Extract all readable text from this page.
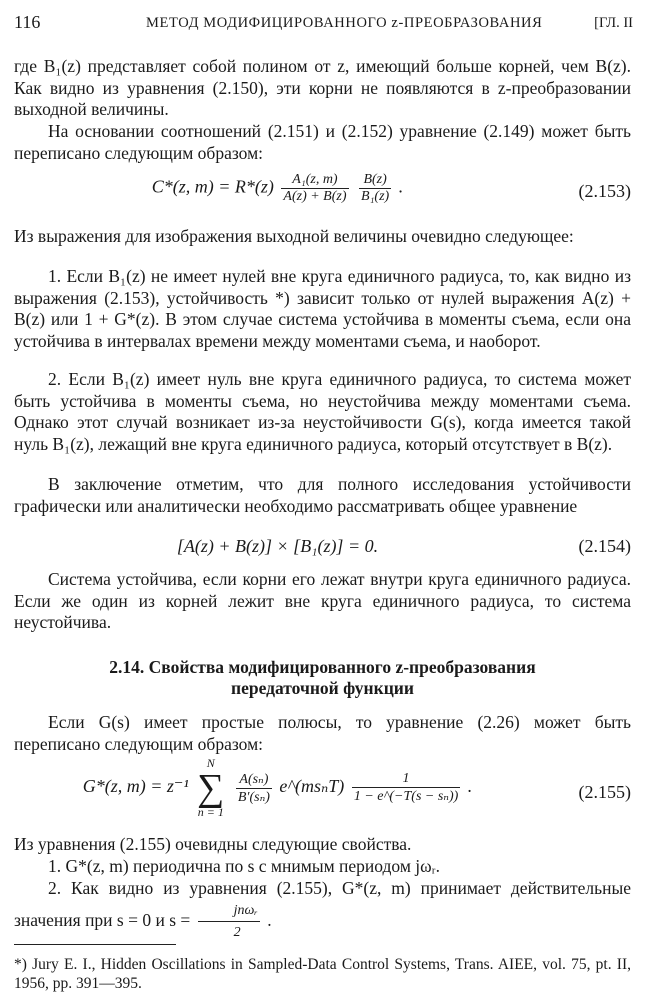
116	МЕТОД МОДИФИЦИРОВАННОГО z-ПРЕОБРАЗОВАНИЯ	[ГЛ. II
где B₁(z) представляет собой полином от z, имеющий больше корней, чем B(z). Как видно из уравнения (2.150), эти корни не появляются в z-преобразовании выходной величины.
На основании соотношений (2.151) и (2.152) уравнение (2.149) может быть переписано следующим образом:
C*(z, $m) = R*(z) \frac{\text{A₁(z, m)}}{A(z) + B(z)}$
$\frac{B(z)}{\text{B₁(z)}}$ .	(2.153)
Из выражения для изображения выходной величины очевидно следующее:
1. Если B₁(z) не имеет нулей вне круга единичного радиуса, то, как видно из выражения (2.153), устойчивость *) зависит только от нулей выражения A(z) + B(z) или 1 + G*(z). В этом случае система устойчива в моменты съема, если она устойчива в интервалах времени между моментами съема, и наоборот.
2. Если B₁(z) имеет нуль вне круга единичного радиуса, то система может быть устойчива в моменты съема, но неустойчива между моментами съема. Однако этот случай возникает из-за неустойчивости G(s), когда имеется такой нуль B₁(z), лежащий вне круга единичного радиуса, который отсутствует в B(z).
В заключение отметим, что для полного исследования устойчивости графически или аналитически необходимо рассматривать общее уравнение
[A(z) + B(z)] × [B₁(z)] = 0.	(2.154)
Система устойчива, если корни его лежат внутри круга единичного радиуса. Если же один из корней лежит вне круга единичного радиуса, то система неустойчива.
2.14. Свойства модифицированного z-преобразования
передаточной функции
Если G(s) имеет простые полюсы, то уравнение (2.26) может быть переписано следующим образом:
G*(z, m) = z⁻¹ N
∑
n = 1
$\frac{\text{A(sₙ)}}{\text{B′(sₙ)}}$ e^(msₙT) $\frac{1}{\text{1 − e\textasciicircum{}(−T(s − sₙ))}}$ .	(2.155)
Из уравнения (2.155) очевидны следующие свойства.
1. G*(z, m) периодична по s с мнимым периодом jωᵣ.
2. Как видно из уравнения (2.155), G*(z, m) принимает действительные значения при s = 0 и $s = \frac{\text{jnωᵣ}}{2}$ .
*) Jury E. I., Hidden Oscillations in Sampled-Data Control Systems, Trans. AIEE, vol. 75, pt. II, 1956, pp. 391—395.
